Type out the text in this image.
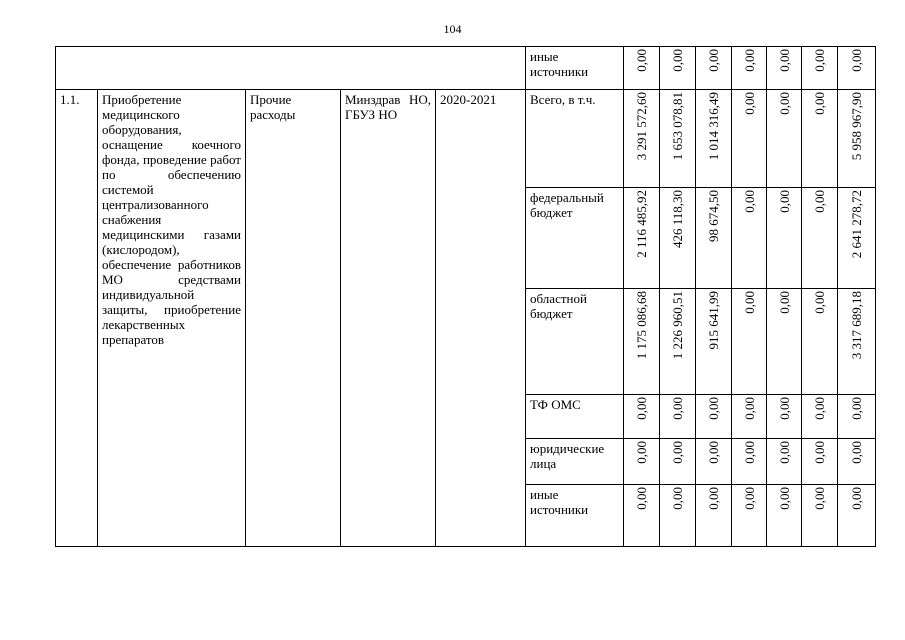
104
					иные источники	0,00	0,00	0,00	0,00	0,00	0,00	0,00
1.1.	Приобретение медицинского оборудования, оснащение коечного фонда, проведение работ по обеспечению системой централизованного снабжения медицинскими газами (кислородом), обеспечение работников МО средствами индивидуальной защиты, приобретение лекарственных препаратов	Прочие расходы	Минздрав НО, ГБУЗ НО	2020-2021	Всего, в т.ч.	3 291 572,60	1 653 078,81	1 014 316,49	0,00	0,00	0,00	5 958 967,90
					федеральный бюджет	2 116 485,92	426 118,30	98 674,50	0,00	0,00	0,00	2 641 278,72
					областной бюджет	1 175 086,68	1 226 960,51	915 641,99	0,00	0,00	0,00	3 317 689,18
					ТФ ОМС	0,00	0,00	0,00	0,00	0,00	0,00	0,00
					юридические лица	0,00	0,00	0,00	0,00	0,00	0,00	0,00
					иные источники	0,00	0,00	0,00	0,00	0,00	0,00	0,00
